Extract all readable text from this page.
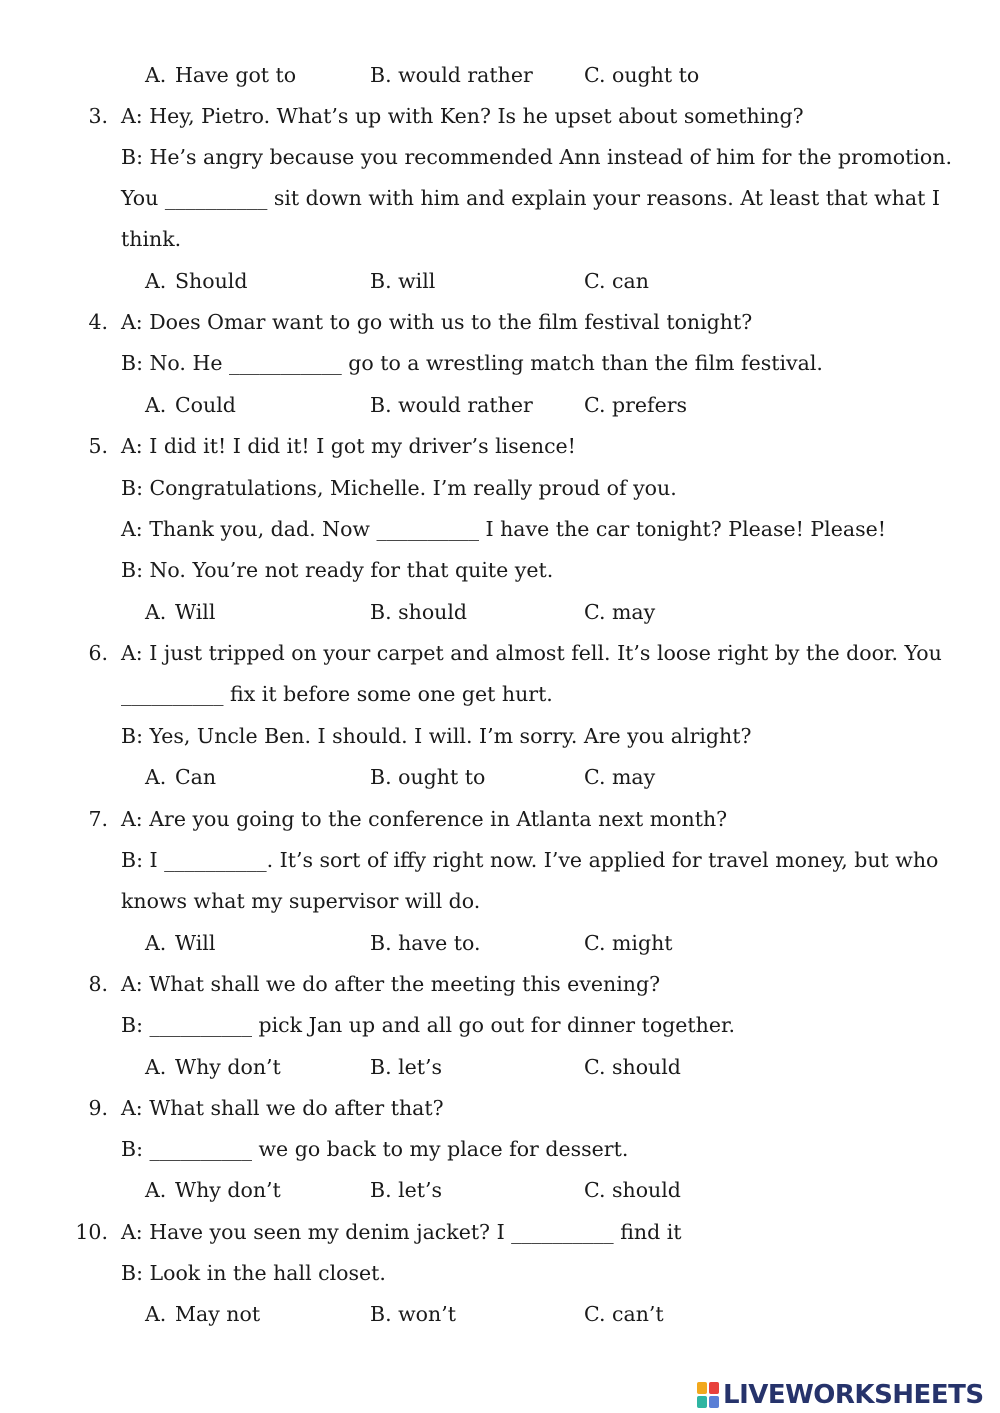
A. Have got to	B. would rather C. ought to
3. A: Hey, Pietro. What’s up with Ken? Is he upset about something?
B: He’s angry because you recommended Ann instead of him for the promotion.
You __________ sit down with him and explain your reasons. At least that what I
think.
A. Should	B. will	C. can
4. A: Does Omar want to go with us to the film festival tonight?
B: No. He ___________ go to a wrestling match than the film festival.
A. Could	B. would rather C. prefers
5. A: I did it! I did it! I got my driver’s lisence!
B: Congratulations, Michelle. I’m really proud of you.
A: Thank you, dad. Now __________ I have the car tonight? Please! Please!
B: No. You’re not ready for that quite yet.
A. Will	B. should	C. may
6. A: I just tripped on your carpet and almost fell. It’s loose right by the door. You
__________ fix it before some one get hurt.
B: Yes, Uncle Ben. I should. I will. I’m sorry. Are you alright?
A. Can	B. ought to	C. may
7. A: Are you going to the conference in Atlanta next month?
B: I __________. It’s sort of iffy right now. I’ve applied for travel money, but who
knows what my supervisor will do.
A. Will	B. have to.	C. might
8. A: What shall we do after the meeting this evening?
B: __________ pick Jan up and all go out for dinner together.
A. Why don’t	B. let’s	C. should
9. A: What shall we do after that?
B: __________ we go back to my place for dessert.
A. Why don’t	B. let’s	C. should
10. A: Have you seen my denim jacket? I __________ find it
B: Look in the hall closet.
A. May not	B. won’t	C. can’t
LIVEWORKSHEETS
